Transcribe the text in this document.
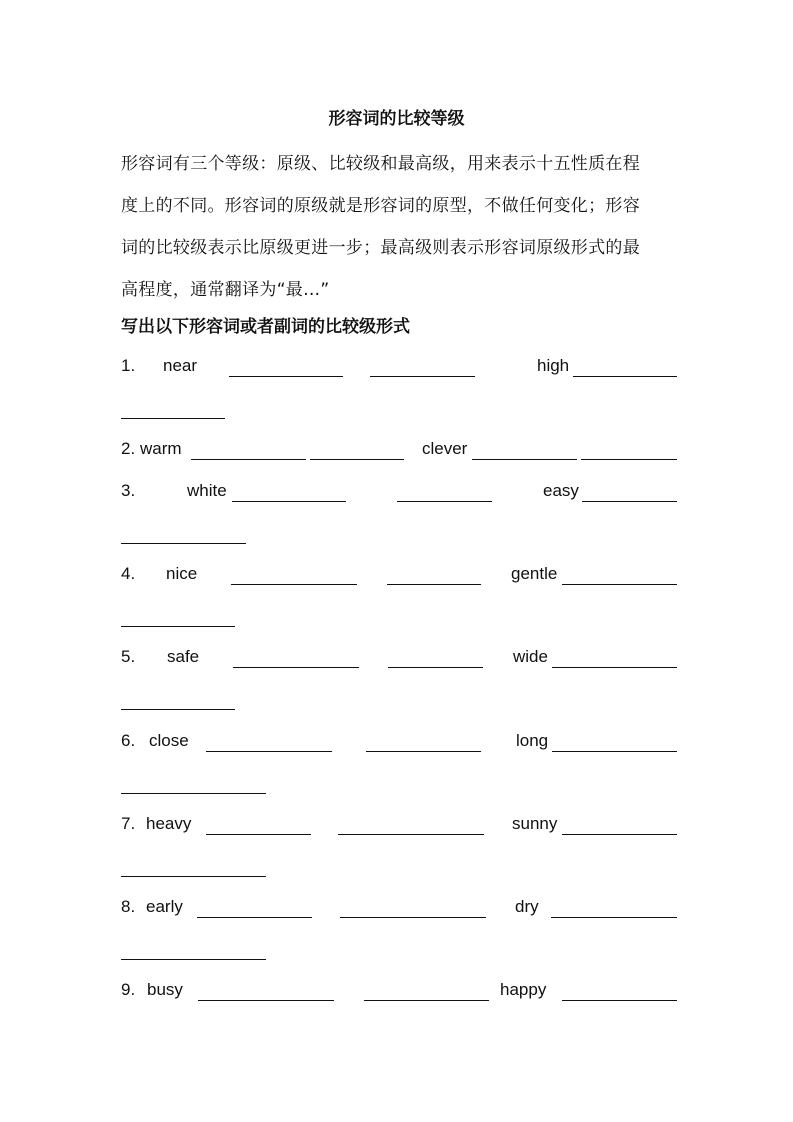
形容词的比较等级
形容词有三个等级：原级、比较级和最高级，用来表示十五性质在程
度上的不同。形容词的原级就是形容词的原型，不做任何变化；形容
词的比较级表示比原级更进一步；最高级则表示形容词原级形式的最
高程度，通常翻译为“最…”
写出以下形容词或者副词的比较级形式
1. near	high
2. warm	clever
3.	white	easy
4. nice	gentle
5. safe	wide
6. close	long
7. heavy	sunny
8. early	dry
9. busy	happy
